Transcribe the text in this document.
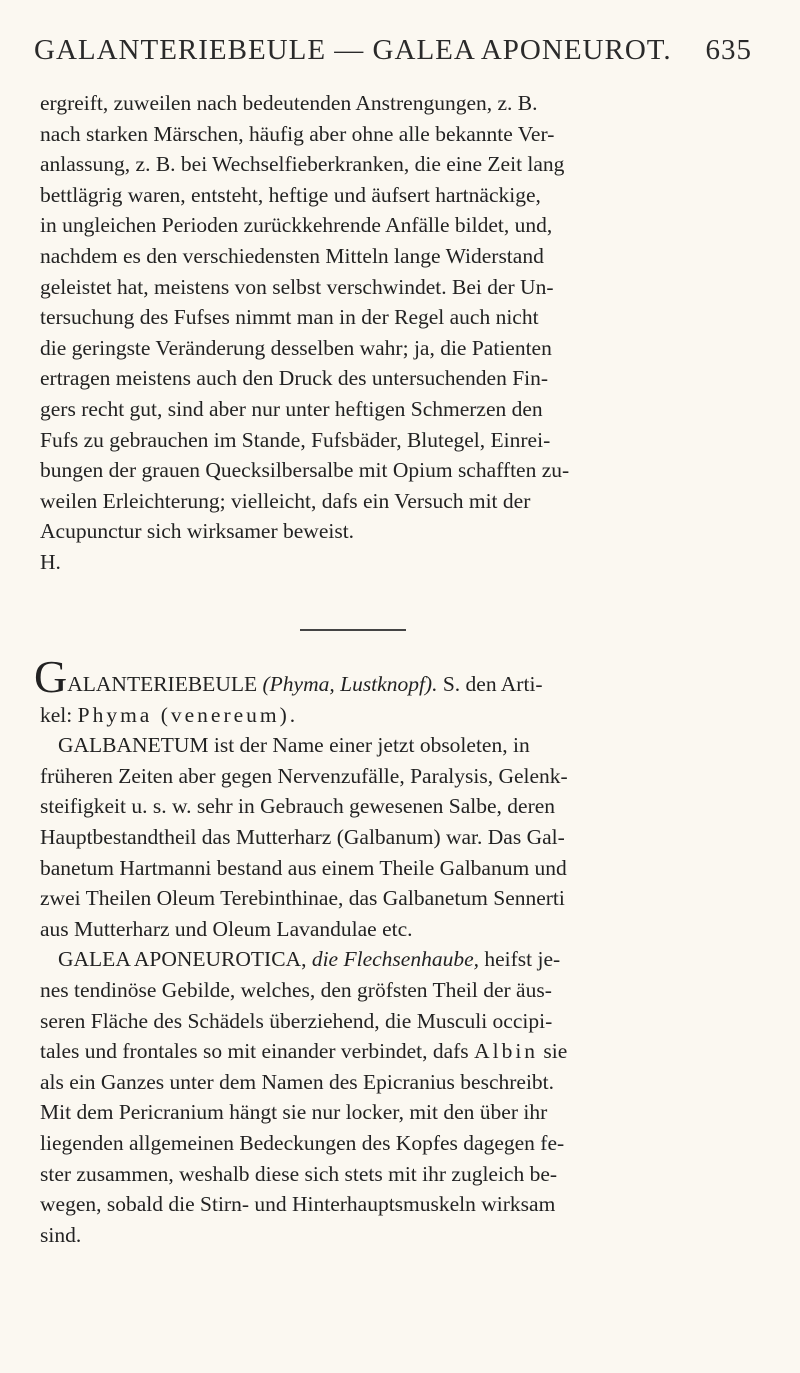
GALANTERIEBEULE — GALEA APONEUROT. 635

ergreift, zuweilen nach bedeutenden Anstrengungen, z. B.

nach starken Märschen, häufig aber ohne alle bekannte Ver-

anlassung, z. B. bei Wechselfieberkranken, die eine Zeit lang

bettlägrig waren, entsteht, heftige und äufsert hartnäckige,

in ungleichen Perioden zurückkehrende Anfälle bildet, und,

nachdem es den verschiedensten Mitteln lange Widerstand

geleistet hat, meistens von selbst verschwindet. Bei der Un-

tersuchung des Fufses nimmt man in der Regel auch nicht

die geringste Veränderung desselben wahr; ja, die Patienten

ertragen meistens auch den Druck des untersuchenden Fin-

gers recht gut, sind aber nur unter heftigen Schmerzen den

Fufs zu gebrauchen im Stande, Fufsbäder, Blutegel, Einrei-

bungen der grauen Quecksilbersalbe mit Opium schafften zu-

weilen Erleichterung; vielleicht, dafs ein Versuch mit der

Acupunctur sich wirksamer beweist.

H.

GALANTERIEBEULE (Phyma, Lustknopf). S. den Arti-

kel: Phyma (venereum).

GALBANETUM ist der Name einer jetzt obsoleten, in

früheren Zeiten aber gegen Nervenzufälle, Paralysis, Gelenk-

steifigkeit u. s. w. sehr in Gebrauch gewesenen Salbe, deren

Hauptbestandtheil das Mutterharz (Galbanum) war. Das Gal-

banetum Hartmanni bestand aus einem Theile Galbanum und

zwei Theilen Oleum Terebinthinae, das Galbanetum Sennerti

aus Mutterharz und Oleum Lavandulae etc.

GALEA APONEUROTICA, die Flechsenhaube, heifst je-

nes tendinöse Gebilde, welches, den gröfsten Theil der äus-

seren Fläche des Schädels überziehend, die Musculi occipi-

tales und frontales so mit einander verbindet, dafs Albin sie

als ein Ganzes unter dem Namen des Epicranius beschreibt.

Mit dem Pericranium hängt sie nur locker, mit den über ihr

liegenden allgemeinen Bedeckungen des Kopfes dagegen fe-

ster zusammen, weshalb diese sich stets mit ihr zugleich be-

wegen, sobald die Stirn- und Hinterhauptsmuskeln wirksam

sind.
